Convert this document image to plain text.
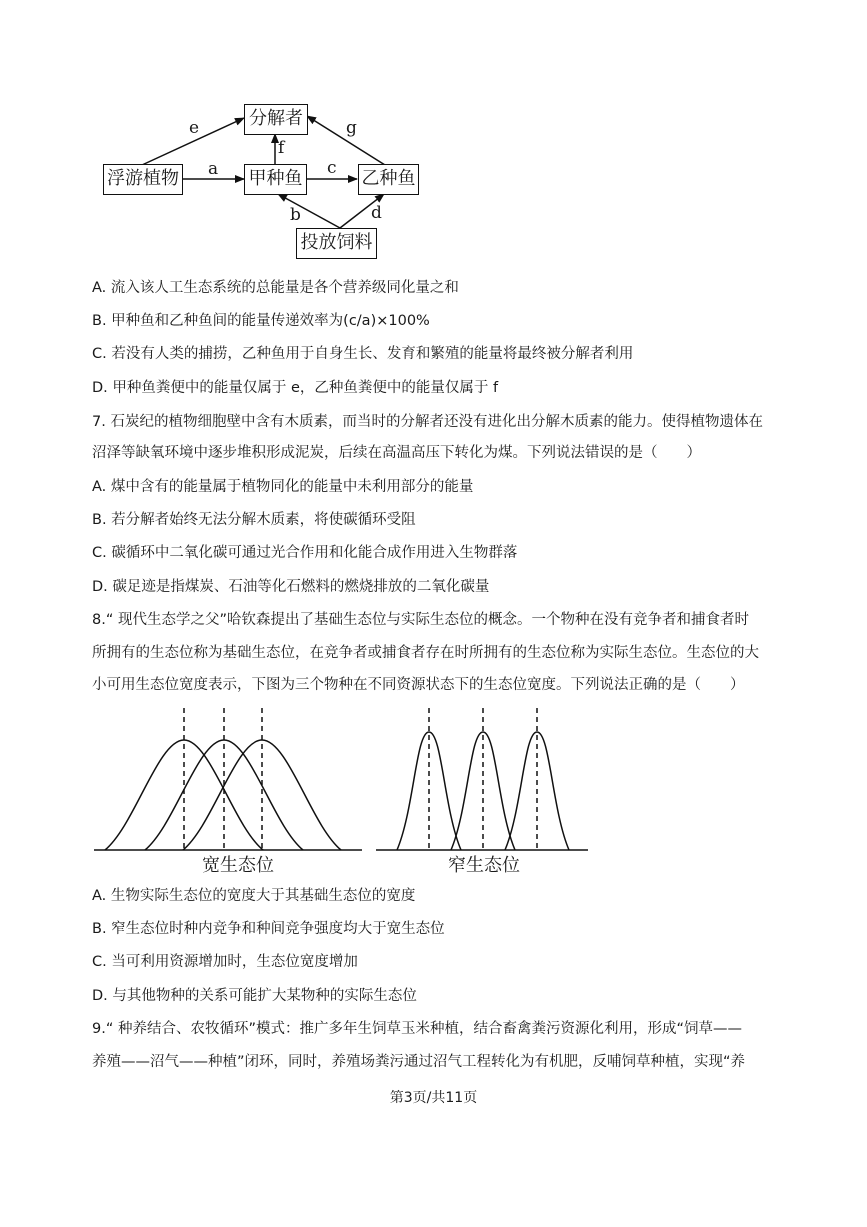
分解者
浮游植物	甲种鱼	乙种鱼
投放饲料
e
a
f
c
g
b	d
A. 流入该人工生态系统的总能量是各个营养级同化量之和
B. 甲种鱼和乙种鱼间的能量传递效率为(c/a)×100%
C. 若没有人类的捕捞，乙种鱼用于自身生长、发育和繁殖的能量将最终被分解者利用
D. 甲种鱼粪便中的能量仅属于 e，乙种鱼粪便中的能量仅属于 f
7. 石炭纪的植物细胞壁中含有木质素，而当时的分解者还没有进化出分解木质素的能力。使得植物遗体在
沼泽等缺氧环境中逐步堆积形成泥炭，后续在高温高压下转化为煤。下列说法错误的是（　　）
A. 煤中含有的能量属于植物同化的能量中未利用部分的能量
B. 若分解者始终无法分解木质素，将使碳循环受阻
C. 碳循环中二氧化碳可通过光合作用和化能合成作用进入生物群落
D. 碳足迹是指煤炭、石油等化石燃料的燃烧排放的二氧化碳量
8.“ 现代生态学之父”哈钦森提出了基础生态位与实际生态位的概念。一个物种在没有竞争者和捕食者时
所拥有的生态位称为基础生态位，在竞争者或捕食者存在时所拥有的生态位称为实际生态位。生态位的大
小可用生态位宽度表示，下图为三个物种在不同资源状态下的生态位宽度。下列说法正确的是（　　）
宽生态位	窄生态位
A. 生物实际生态位的宽度大于其基础生态位的宽度
B. 窄生态位时种内竞争和种间竞争强度均大于宽生态位
C. 当可利用资源增加时，生态位宽度增加
D. 与其他物种的关系可能扩大某物种的实际生态位
9.“ 种养结合、农牧循环”模式：推广多年生饲草玉米种植，结合畜禽粪污资源化利用，形成“饲草——
养殖——沼气——种植”闭环，同时，养殖场粪污通过沼气工程转化为有机肥，反哺饲草种植，实现“养
第3页/共11页
